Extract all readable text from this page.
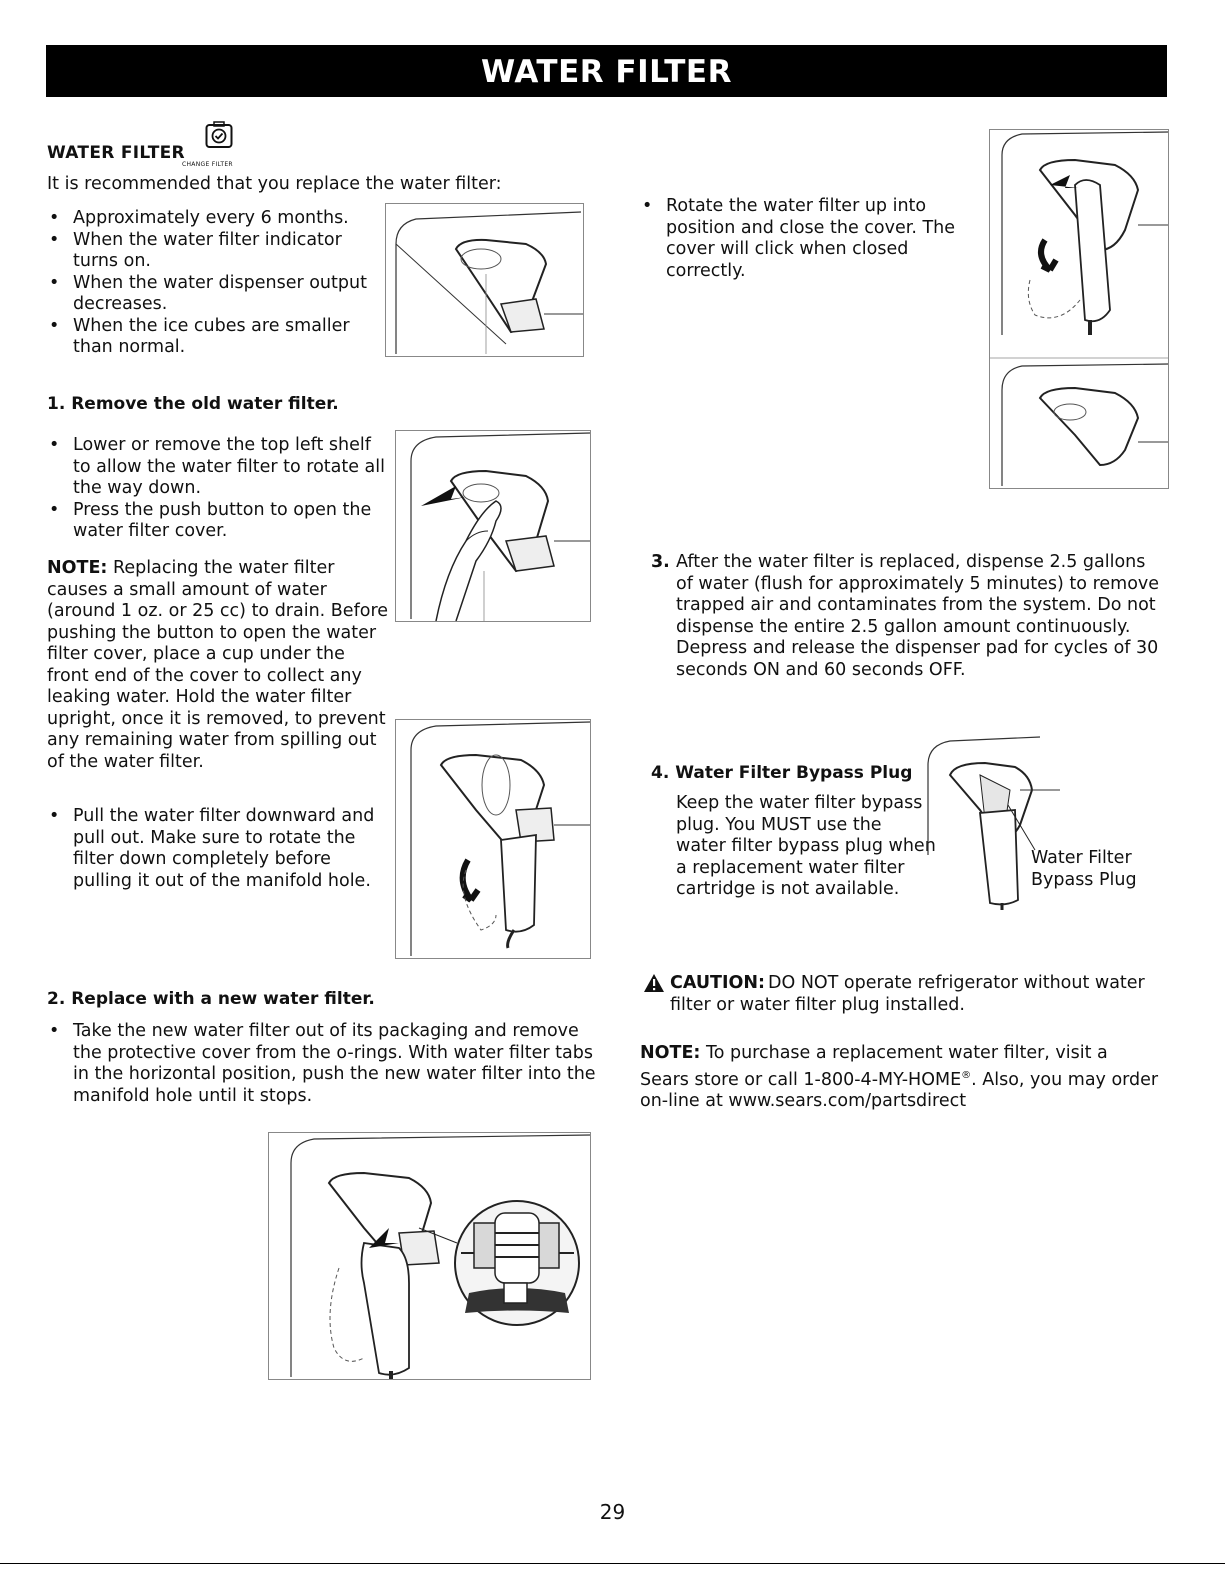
WATER FILTER
WATER FILTER
CHANGE FILTER
It is recommended that you replace the water filter:
• Approximately every 6 months.
• When the water filter indicator turns on.
• When the water dispenser output decreases.
• When the ice cubes are smaller than normal.
1. Remove the old water filter.
• Lower or remove the top left shelf to allow the water filter to rotate all the way down.
• Press the push button to open the water filter cover.
NOTE: Replacing the water filter causes a small amount of water (around 1 oz. or 25 cc) to drain. Before pushing the button to open the water filter cover, place a cup under the front end of the cover to collect any leaking water. Hold the water filter upright, once it is removed, to prevent any remaining water from spilling out of the water filter.
• Pull the water filter downward and pull out. Make sure to rotate the filter down completely before pulling it out of the manifold hole.
2. Replace with a new water filter.
• Take the new water filter out of its packaging and remove the protective cover from the o-rings. With water filter tabs in the horizontal position, push the new water filter into the manifold hole until it stops.
• Rotate the water filter up into position and close the cover. The cover will click when closed correctly.
3. After the water filter is replaced, dispense 2.5 gallons of water (flush for approximately 5 minutes) to remove trapped air and contaminates from the system. Do not dispense the entire 2.5 gallon amount continuously. Depress and release the dispenser pad for cycles of 30 seconds ON and 60 seconds OFF.
4. Water Filter Bypass Plug
Keep the water filter bypass plug. You MUST use the water filter bypass plug when a replacement water filter cartridge is not available.
Water Filter
Bypass Plug
CAUTION: DO NOT operate refrigerator without water filter or water filter plug installed.
NOTE: To purchase a replacement water filter, visit a Sears store or call 1-800-4-MY-HOME®. Also, you may order on-line at www.sears.com/partsdirect
29
